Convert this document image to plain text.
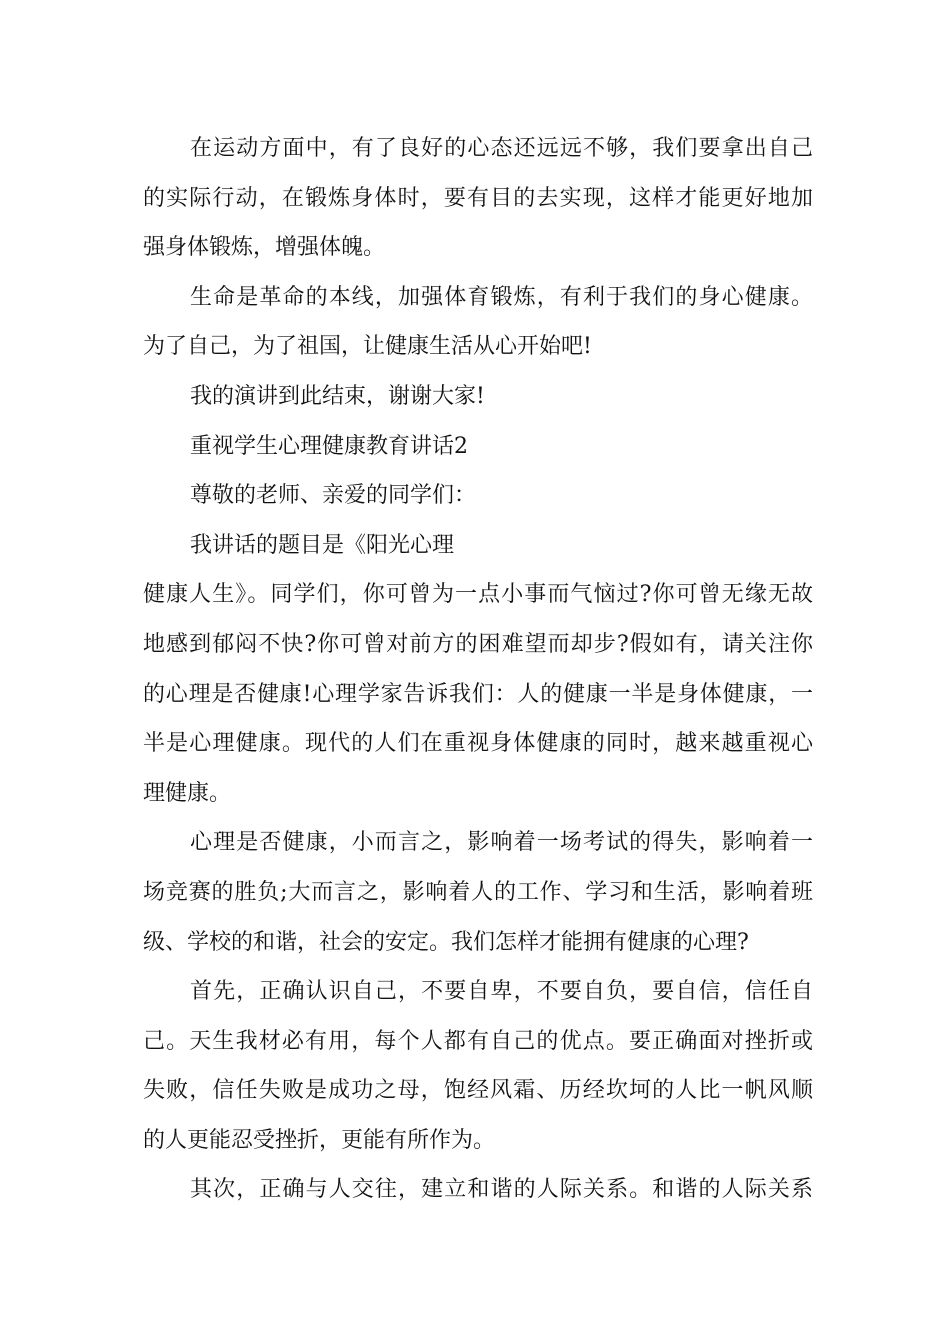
在运动方面中，有了良好的心态还远远不够，我们要拿出自己
的实际行动，在锻炼身体时，要有目的去实现，这样才能更好地加
强身体锻炼，增强体魄。
生命是革命的本线，加强体育锻炼，有利于我们的身心健康。
为了自己，为了祖国，让健康生活从心开始吧!
我的演讲到此结束，谢谢大家!
重视学生心理健康教育讲话2
尊敬的老师、亲爱的同学们：
我讲话的题目是《阳光心理
健康人生》。同学们，你可曾为一点小事而气恼过?你可曾无缘无故
地感到郁闷不快?你可曾对前方的困难望而却步?假如有，请关注你
的心理是否健康!心理学家告诉我们：人的健康一半是身体健康，一
半是心理健康。现代的人们在重视身体健康的同时，越来越重视心
理健康。
心理是否健康，小而言之，影响着一场考试的得失，影响着一
场竞赛的胜负;大而言之，影响着人的工作、学习和生活，影响着班
级、学校的和谐，社会的安定。我们怎样才能拥有健康的心理?
首先，正确认识自己，不要自卑，不要自负，要自信，信任自
己。天生我材必有用，每个人都有自己的优点。要正确面对挫折或
失败，信任失败是成功之母，饱经风霜、历经坎坷的人比一帆风顺
的人更能忍受挫折，更能有所作为。
其次，正确与人交往，建立和谐的人际关系。和谐的人际关系
